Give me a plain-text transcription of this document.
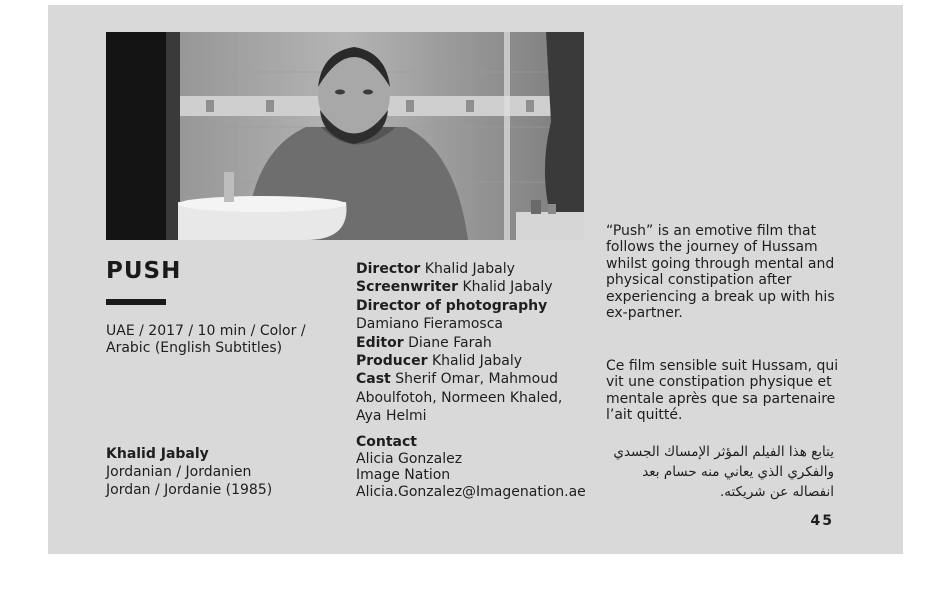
PUSH
UAE / 2017 / 10 min / Color / Arabic (English Subtitles)
Khalid Jabaly
Jordanian / Jordanien
Jordan / Jordanie (1985)
Director Khalid Jabaly
Screenwriter Khalid Jabaly
Director of photography
Damiano Fieramosca
Editor Diane Farah
Producer Khalid Jabaly
Cast Sherif Omar, Mahmoud Aboulfotoh, Normeen Khaled, Aya Helmi
Contact
Alicia Gonzalez
Image Nation
Alicia.Gonzalez@Imagenation.ae

“Push” is an emotive film that follows the journey of Hussam whilst going through mental and physical constipation after experiencing a break up with his ex-partner.

Ce film sensible suit Hussam, qui vit une constipation physique et mentale après que sa partenaire l’ait quitté.

يتابع هذا الفيلم المؤثر الإمساك الجسدي والفكري الذي يعاني منه حسام بعد انفصاله عن شريكته.
45
